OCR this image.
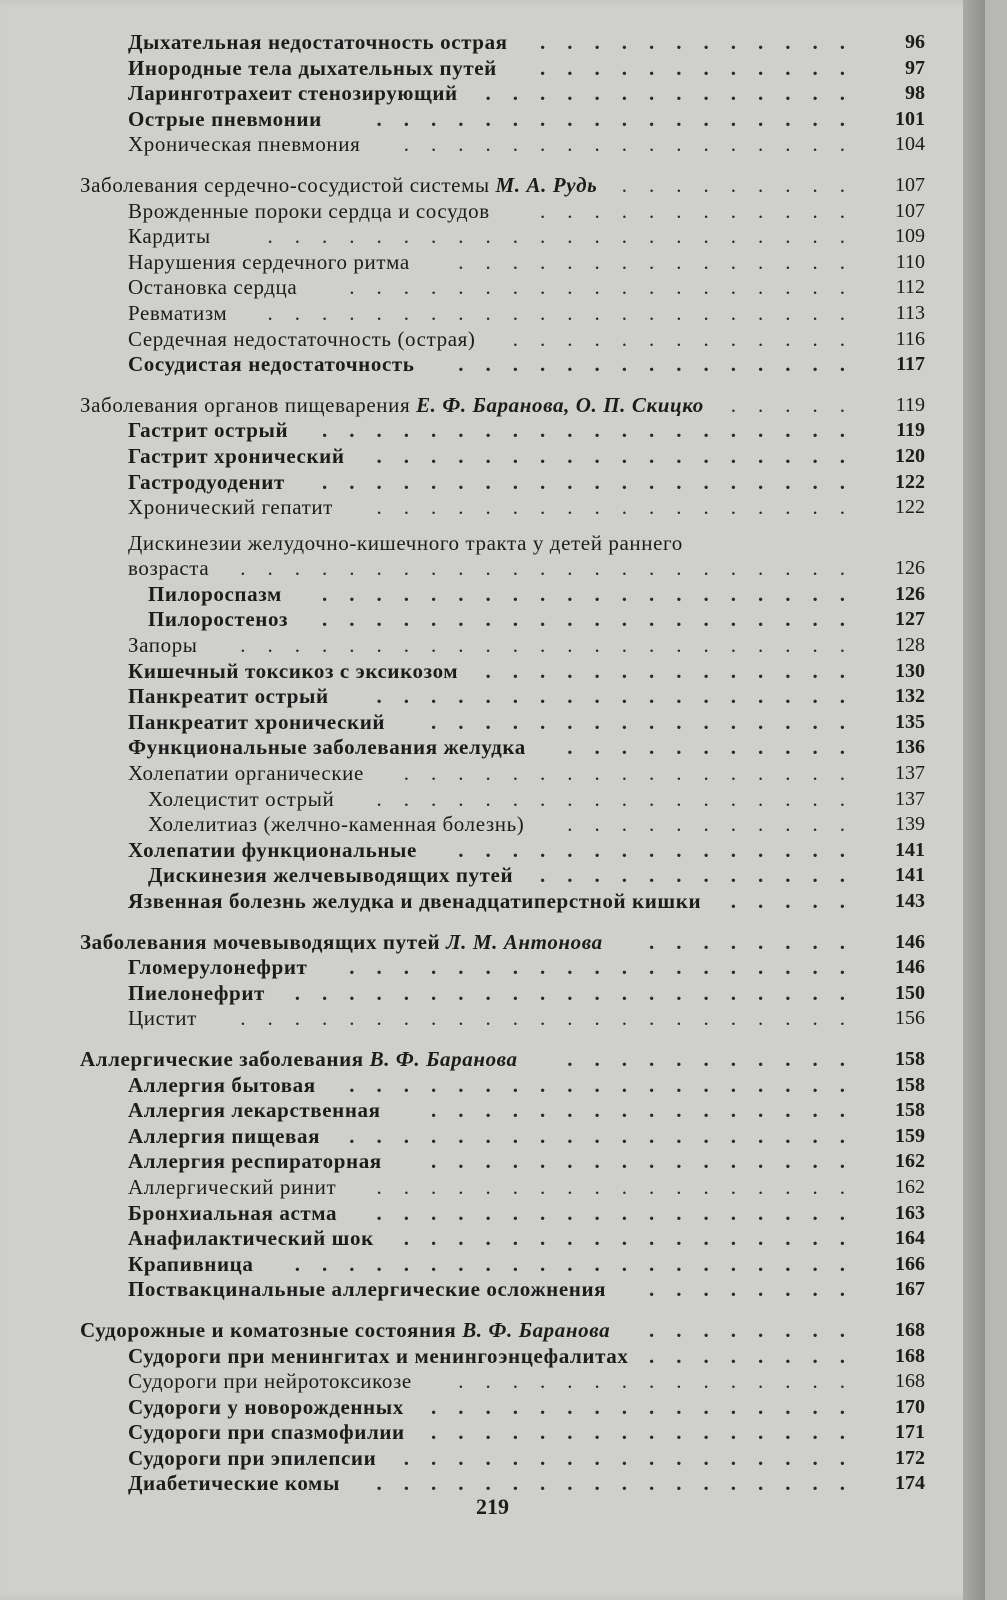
Дыхательная недостаточность острая	............	96
Инородные тела дыхательных путей	............	97
Ларинготрахеит стенозирующий	..............	98
Острые пневмонии	..................	101
Хроническая пневмония	.................	104
Заболевания сердечно-сосудистой системы М. А. Рудь	.........	107
Врожденные пороки сердца и сосудов	............	107
Кардиты	......................	109
Нарушения сердечного ритма	...............	110
Остановка сердца	...................	112
Ревматизм	......................	113
Сердечная недостаточность (острая)	.............	116
Сосудистая недостаточность	...............	117
Заболевания органов пищеварения Е. Ф. Баранова, О. П. Скицко	.....	119
Гастрит острый	....................	119
Гастрит хронический	..................	120
Гастродуоденит	....................	122
Хронический гепатит	..................	122
Дискинезии желудочно-кишечного тракта у детей раннего
возраста	.......................	126
Пилороспазм	....................	126
Пилоростеноз	....................	127
Запоры	.......................	128
Кишечный токсикоз с эксикозом	..............	130
Панкреатит острый	..................	132
Панкреатит хронический	................	135
Функциональные заболевания желудка	...........	136
Холепатии органические	.................	137
Холецистит острый	..................	137
Холелитиаз (желчно-каменная болезнь)	...........	139
Холепатии функциональные	...............	141
Дискинезия желчевыводящих путей	............	141
Язвенная болезнь желудка и двенадцатиперстной кишки	.....	143
Заболевания мочевыводящих путей Л. М. Антонова	........	146
Гломерулонефрит	...................	146
Пиелонефрит	.....................	150
Цистит	.......................	156
Аллергические заболевания В. Ф. Баранова	...........	158
Аллергия бытовая	...................	158
Аллергия лекарственная	................	158
Аллергия пищевая	...................	159
Аллергия респираторная	................	162
Аллергический ринит	..................	162
Бронхиальная астма	..................	163
Анафилактический шок	.................	164
Крапивница	.....................	166
Поствакцинальные аллергические осложнения	........	167
Судорожные и коматозные состояния В. Ф. Баранова	........	168
Судороги при менингитах и менингоэнцефалитах ........	168
Судороги при нейротоксикозе	...............	168
Судороги у новорожденных	................	170
Судороги при спазмофилии	................	171
Судороги при эпилепсии	.................	172
Диабетические комы	..................	174
219
